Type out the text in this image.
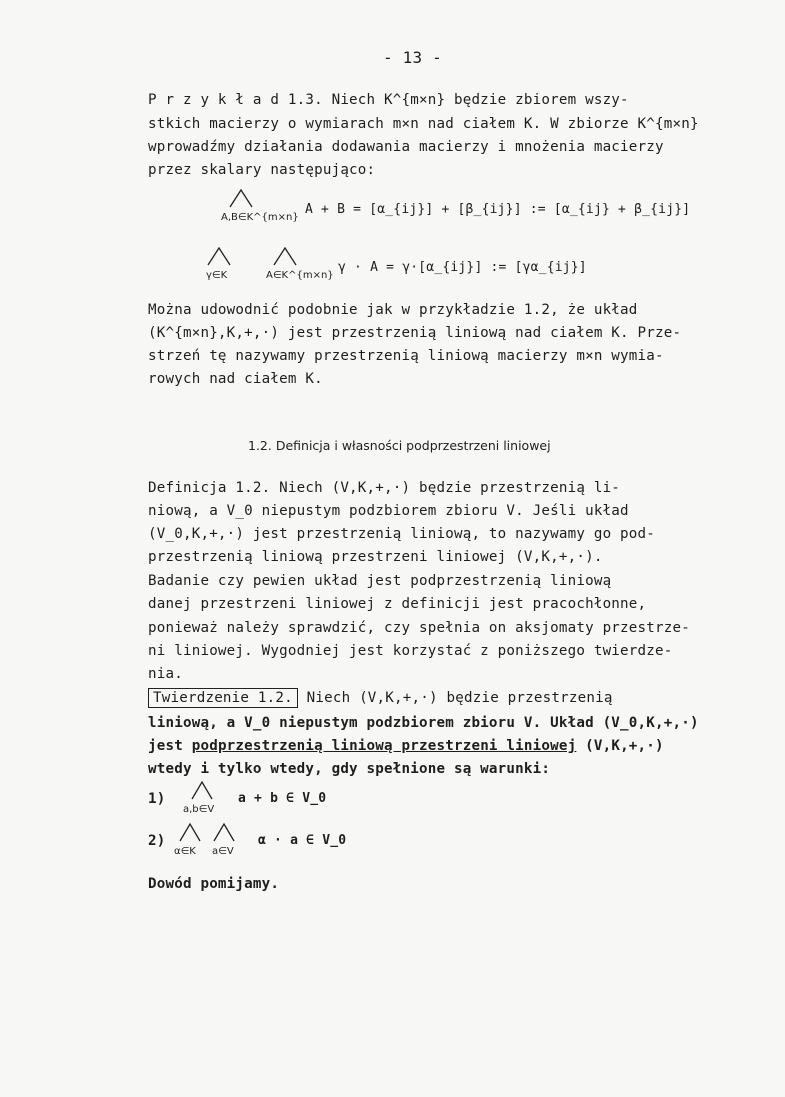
- 13 -
P r z y k ł a d 1.3. Niech K^{m×n} będzie zbiorem wszy-
stkich macierzy o wymiarach m×n nad ciałem K. W zbiorze K^{m×n}
wprowadźmy działania dodawania macierzy i mnożenia macierzy
przez skalary następująco:
A,B∈K^{m×n}
A + B = [α_{ij}] + [β_{ij}] := [α_{ij} + β_{ij}]
γ∈K	A∈K^{m×n}
γ · A = γ·[α_{ij}] := [γα_{ij}]
Można udowodnić podobnie jak w przykładzie 1.2, że układ
(K^{m×n},K,+,·) jest przestrzenią liniową nad ciałem K. Prze-
strzeń tę nazywamy przestrzenią liniową macierzy m×n wymia-
rowych nad ciałem K.
1.2. Definicja i własności podprzestrzeni liniowej
Definicja 1.2. Niech (V,K,+,·) będzie przestrzenią li-
niową, a V_0 niepustym podzbiorem zbioru V. Jeśli układ
(V_0,K,+,·) jest przestrzenią liniową, to nazywamy go pod-
przestrzenią liniową przestrzeni liniowej (V,K,+,·).
Badanie czy pewien układ jest podprzestrzenią liniową
danej przestrzeni liniowej z definicji jest pracochłonne,
ponieważ należy sprawdzić, czy spełnia on aksjomaty przestrze-
ni liniowej. Wygodniej jest korzystać z poniższego twierdze-
nia.
Twierdzenie 1.2. Niech (V,K,+,·) będzie przestrzenią
liniową, a V_0 niepustym podzbiorem zbioru V. Układ (V_0,K,+,·)
jest podprzestrzenią liniową przestrzeni liniowej (V,K,+,·)
wtedy i tylko wtedy, gdy spełnione są warunki:
1)
a,b∈V
a + b ∈ V_0
2)
α∈K a∈V
α · a ∈ V_0
Dowód pomijamy.
